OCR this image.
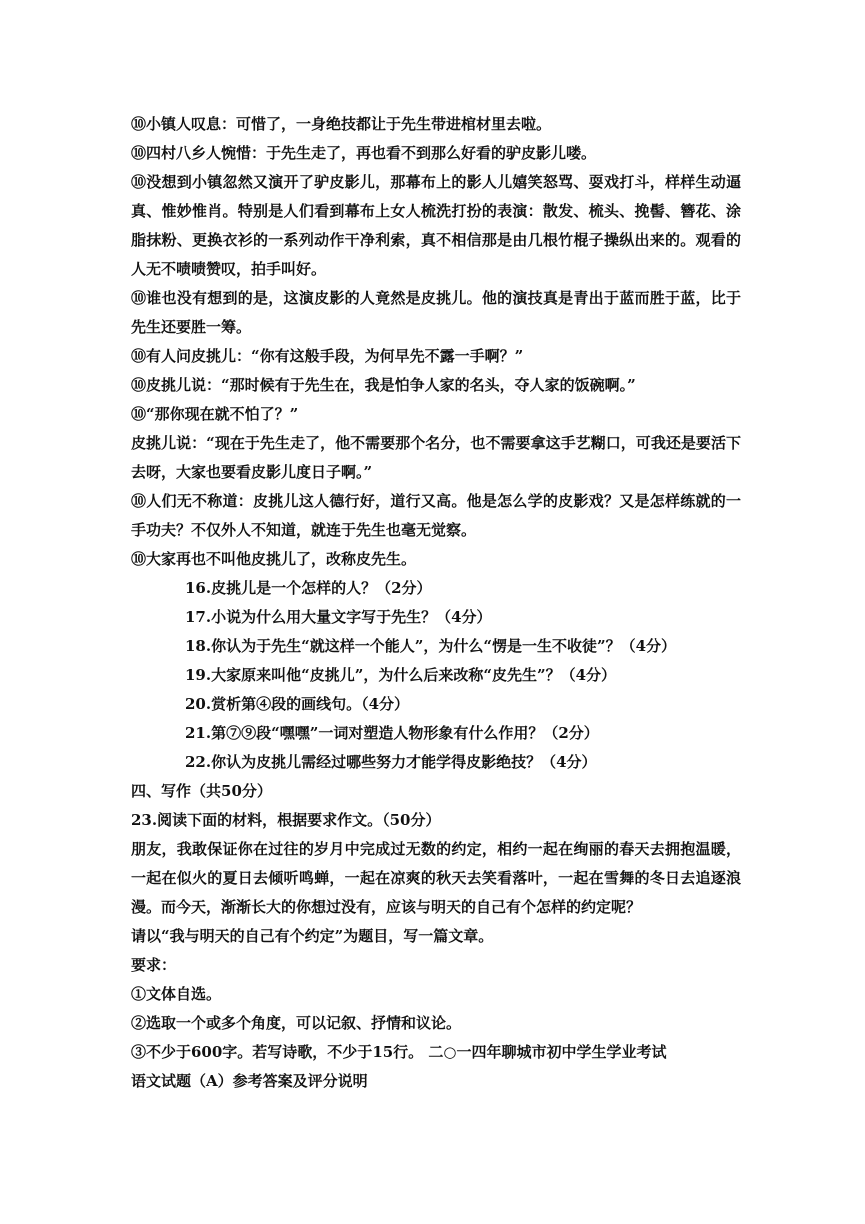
⑩小镇人叹息：可惜了，一身绝技都让于先生带进棺材里去啦。

⑩四村八乡人惋惜：于先生走了，再也看不到那么好看的驴皮影儿喽。

⑩没想到小镇忽然又演开了驴皮影儿，那幕布上的影人儿嬉笑怒骂、耍戏打斗，样样生动逼真、惟妙惟肖。特别是人们看到幕布上女人梳洗打扮的表演：散发、梳头、挽髻、簪花、涂脂抹粉、更换衣衫的一系列动作干净利索，真不相信那是由几根竹棍子操纵出来的。观看的人无不啧啧赞叹，拍手叫好。

⑩谁也没有想到的是，这演皮影的人竟然是皮挑儿。他的演技真是青出于蓝而胜于蓝，比于先生还要胜一筹。

⑩有人问皮挑儿：“你有这般手段，为何早先不露一手啊？”

⑩皮挑儿说：“那时候有于先生在，我是怕争人家的名头，夺人家的饭碗啊。”

⑩“那你现在就不怕了？”

皮挑儿说：“现在于先生走了，他不需要那个名分，也不需要拿这手艺糊口，可我还是要活下去呀，大家也要看皮影儿度日子啊。”

⑩人们无不称道：皮挑儿这人德行好，道行又高。他是怎么学的皮影戏？又是怎样练就的一手功夫？不仅外人不知道，就连于先生也毫无觉察。

⑩大家再也不叫他皮挑儿了，改称皮先生。

16.皮挑儿是一个怎样的人？（2分）

17.小说为什么用大量文字写于先生？（4分）

18.你认为于先生“就这样一个能人”，为什么“愣是一生不收徒”？（4分）

19.大家原来叫他“皮挑儿”，为什么后来改称“皮先生”？（4分）

20.赏析第④段的画线句。（4分）

21.第⑦⑨段“嘿嘿”一词对塑造人物形象有什么作用？（2分）

22.你认为皮挑儿需经过哪些努力才能学得皮影绝技？（4分）

四、写作（共50分）

23.阅读下面的材料，根据要求作文。（50分）

朋友，我敢保证你在过往的岁月中完成过无数的约定，相约一起在绚丽的春天去拥抱温暖，一起在似火的夏日去倾听鸣蝉，一起在凉爽的秋天去笑看落叶，一起在雪舞的冬日去追逐浪漫。而今天，渐渐长大的你想过没有，应该与明天的自己有个怎样的约定呢？

请以“我与明天的自己有个约定”为题目，写一篇文章。

要求：

①文体自选。

②选取一个或多个角度，可以记叙、抒情和议论。

③不少于600字。若写诗歌，不少于15行。 二○一四年聊城市初中学生学业考试

语文试题（A）参考答案及评分说明
